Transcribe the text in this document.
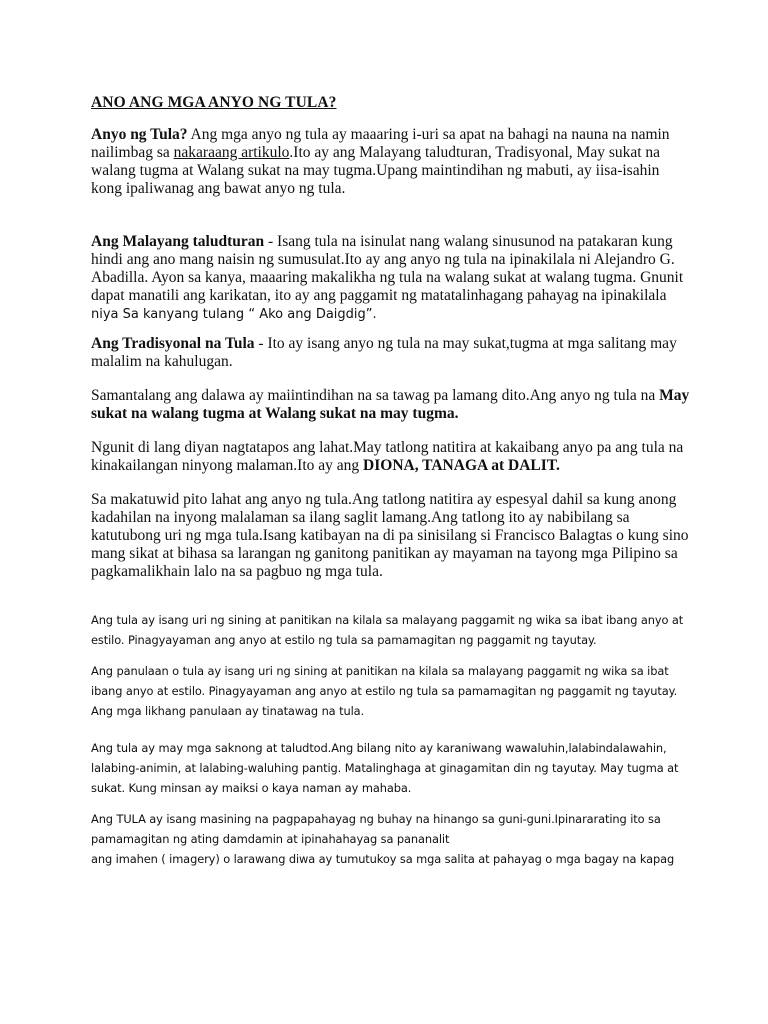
ANO ANG MGA ANYO NG TULA?

Anyo ng Tula? Ang mga anyo ng tula ay maaaring i-uri sa apat na bahagi na nauna na namin nailimbag sa nakaraang artikulo.Ito ay ang Malayang taludturan, Tradisyonal, May sukat na walang tugma at Walang sukat na may tugma.Upang maintindihan ng mabuti, ay iisa-isahin kong ipaliwanag ang bawat anyo ng tula.

Ang Malayang taludturan - Isang tula na isinulat nang walang sinusunod na patakaran kung hindi ang ano mang naisin ng sumusulat.Ito ay ang anyo ng tula na ipinakilala ni Alejandro G. Abadilla. Ayon sa kanya, maaaring makalikha ng tula na walang sukat at walang tugma. Gnunit dapat manatili ang karikatan, ito ay ang paggamit ng matatalinhagang pahayag na ipinakilala niya Sa kanyang tulang “ Ako ang Daigdig”.

Ang Tradisyonal na Tula - Ito ay isang anyo ng tula na may sukat,tugma at mga salitang may malalim na kahulugan.

Samantalang ang dalawa ay maiintindihan na sa tawag pa lamang dito.Ang anyo ng tula na May sukat na walang tugma at Walang sukat na may tugma.

Ngunit di lang diyan nagtatapos ang lahat.May tatlong natitira at kakaibang anyo pa ang tula na kinakailangan ninyong malaman.Ito ay ang DIONA, TANAGA at DALIT.

Sa makatuwid pito lahat ang anyo ng tula.Ang tatlong natitira ay espesyal dahil sa kung anong kadahilan na inyong malalaman sa ilang saglit lamang.Ang tatlong ito ay nabibilang sa katutubong uri ng mga tula.Isang katibayan na di pa sinisilang si Francisco Balagtas o kung sino mang sikat at bihasa sa larangan ng ganitong panitikan ay mayaman na tayong mga Pilipino sa pagkamalikhain lalo na sa pagbuo ng mga tula.

Ang tula ay isang uri ng sining at panitikan na kilala sa malayang paggamit ng wika sa ibat ibang anyo at
estilo. Pinagyayaman ang anyo at estilo ng tula sa pamamagitan ng paggamit ng tayutay.
Ang panulaan o tula ay isang uri ng sining at panitikan na kilala sa malayang paggamit ng wika sa ibat
ibang anyo at estilo. Pinagyayaman ang anyo at estilo ng tula sa pamamagitan ng paggamit ng tayutay.
Ang mga likhang panulaan ay tinatawag na tula.
Ang tula ay may mga saknong at taludtod.Ang bilang nito ay karaniwang wawaluhin,lalabindalawahin,
lalabing-animin, at lalabing-waluhing pantig. Matalinghaga at ginagamitan din ng tayutay. May tugma at
sukat. Kung minsan ay maiksi o kaya naman ay mahaba.
Ang TULA ay isang masining na pagpapahayag ng buhay na hinango sa guni-guni.Ipinararating ito sa
pamamagitan ng ating damdamin at ipinahahayag sa pananalit
ang imahen ( imagery) o larawang diwa ay tumutukoy sa mga salita at pahayag o mga bagay na kapag
